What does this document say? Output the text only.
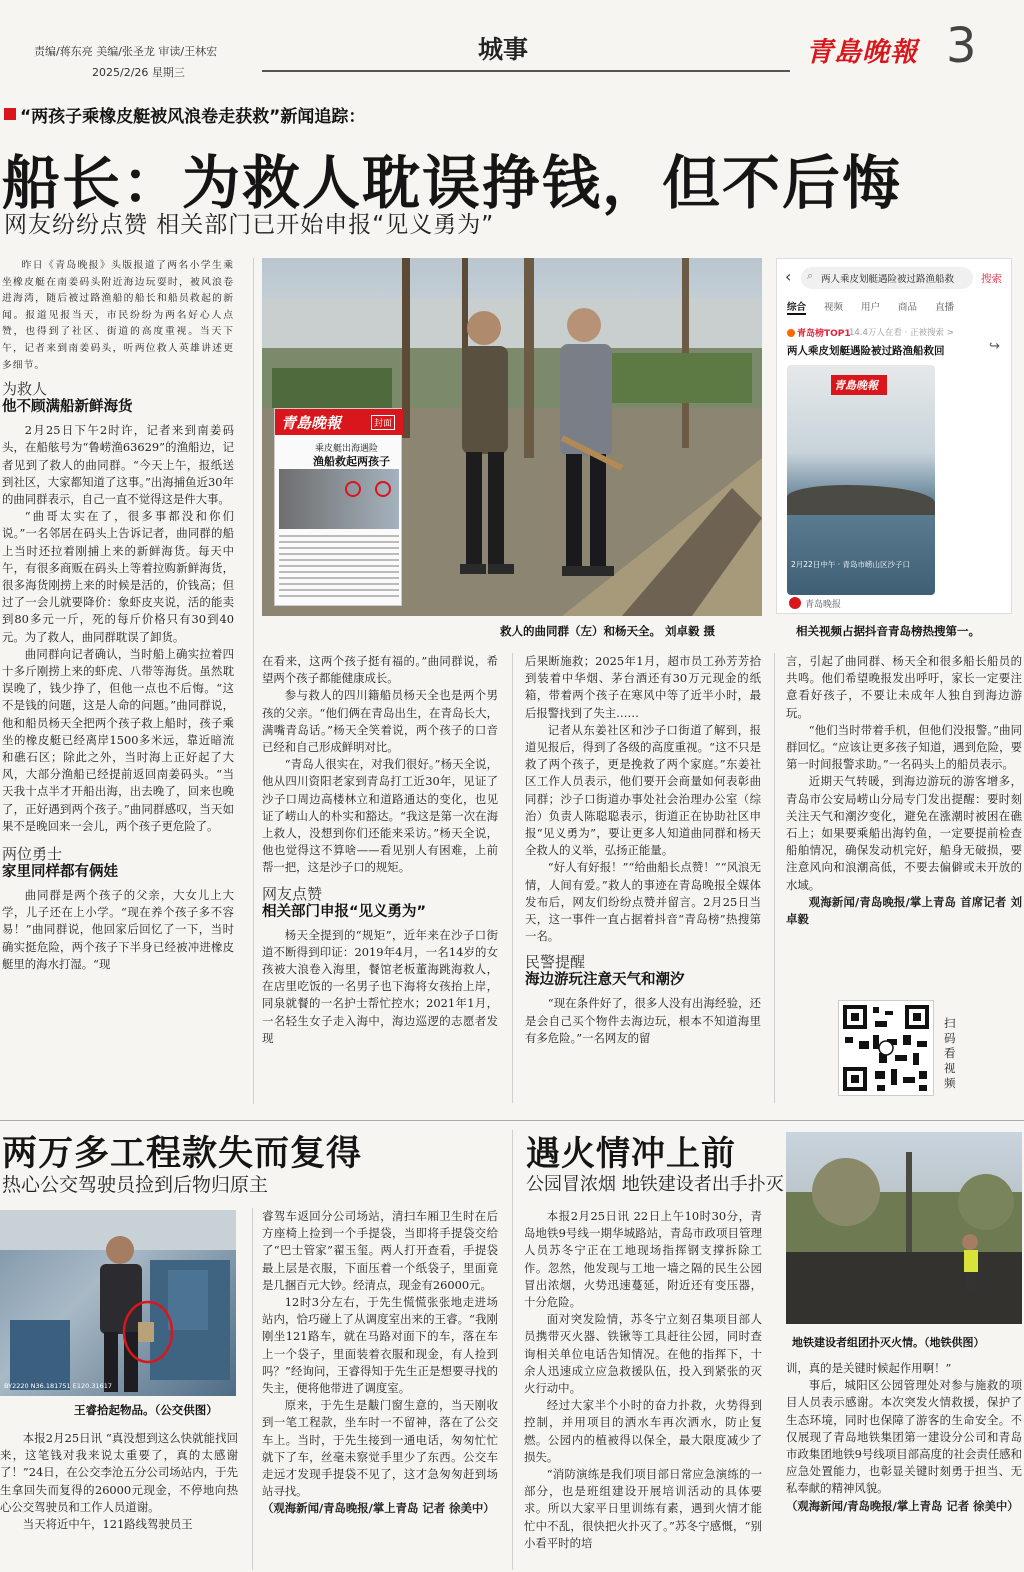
责编/蒋东亮 美编/张圣龙 审读/王林宏
2025/2/26 星期三
城事	青島晚報 3
“两孩子乘橡皮艇被风浪卷走获救”新闻追踪：
船长：为救人耽误挣钱，但不后悔
网友纷纷点赞 相关部门已开始申报“见义勇为”

昨日《青岛晚报》头版报道了两名小学生乘坐橡皮艇在南姜码头附近海边玩耍时，被风浪卷进海湾，随后被过路渔船的船长和船员救起的新闻。报道见报当天，市民纷纷为两名好心人点赞，也得到了社区、街道的高度重视。当天下午，记者来到南姜码头，听两位救人英雄讲述更多细节。

为救人
他不顾满船新鲜海货

2月25日下午2时许，记者来到南姜码头，在船舷号为“鲁崂渔63629”的渔船边，记者见到了救人的曲同群。“今天上午，报纸送到社区，大家都知道了这事。”出海捕鱼近30年的曲同群表示，自己一直不觉得这是件大事。

“曲哥太实在了，很多事都没和你们说。”一名邻居在码头上告诉记者，曲同群的船上当时还拉着刚捕上来的新鲜海货。每天中午，有很多商贩在码头上等着拉购新鲜海货，很多海货刚捞上来的时候是活的，价钱高；但过了一会儿就要降价：象虾皮夹说，活的能卖到80多元一斤，死的每斤价格只有30到40元。为了救人，曲同群耽误了卸货。

曲同群向记者确认，当时船上确实拉着四十多斤刚捞上来的虾虎、八带等海货。虽然耽误晚了，钱少挣了，但他一点也不后悔。“这不是钱的问题，这是人命的问题。”曲同群说，他和船员杨天全把两个孩子救上船时，孩子乘坐的橡皮艇已经离岸1500多米远，靠近暗流和礁石区；除此之外，当时海上正好起了大风，大部分渔船已经提前返回南姜码头。“当天我十点半才开船出海，出去晚了，回来也晚了，正好遇到两个孩子。”曲同群感叹，当天如果不是晚回来一会儿，两个孩子更危险了。

两位勇士
家里同样都有俩娃

曲同群是两个孩子的父亲，大女儿上大学，儿子还在上小学。“现在养个孩子多不容易！”曲同群说，他回家后回忆了一下，当时确实挺危险，两个孩子下半身已经被冲进橡皮艇里的海水打湿。“现

青島晚報	封面
乘皮艇出海遇险
渔船救起两孩子
救人的曲同群（左）和杨天全。 刘卓毅 摄
‹ ⌕ 两人乘皮划艇遇险被过路渔船救	搜索
综合 视频 用户 商品 直播
青岛榜TOP1
14.4万人在看 · 正被搜索 >
两人乘皮划艇遇险被过路渔船救回	↪
青島晚報
2月22日中午 · 青岛市崂山区沙子口
青岛晚报
相关视频占据抖音青岛榜热搜第一。

在看来，这两个孩子挺有福的。”曲同群说，希望两个孩子都能健康成长。

参与救人的四川籍船员杨天全也是两个男孩的父亲。“他们俩在青岛出生，在青岛长大，满嘴青岛话。”杨天全笑着说，两个孩子的口音已经和自己形成鲜明对比。

“青岛人很实在，对我们很好。”杨天全说，他从四川资阳老家到青岛打工近30年，见证了沙子口周边高楼林立和道路通达的变化，也见证了崂山人的朴实和豁达。“我这是第一次在海上救人，没想到你们还能来采访。”杨天全说，他也觉得这不算啥——看见别人有困难，上前帮一把，这是沙子口的规矩。

网友点赞
相关部门申报“见义勇为”

杨天全提到的“规矩”，近年来在沙子口街道不断得到印证：2019年4月，一名14岁的女孩被大浪卷入海里，餐馆老板董海跳海救人，在店里吃饭的一名男子也下海将女孩抬上岸，同泉就餐的一名护士帮忙控水；2021年1月，一名轻生女子走入海中，海边巡逻的志愿者发现

后果断施救；2025年1月，超市员工孙芳芳拾到装着中华烟、茅台酒还有30万元现金的纸箱，带着两个孩子在寒风中等了近半小时，最后报警找到了失主……

记者从东姜社区和沙子口街道了解到，报道见报后，得到了各级的高度重视。“这不只是救了两个孩子，更是挽救了两个家庭。”东姜社区工作人员表示，他们要开会商量如何表彰曲同群；沙子口街道办事处社会治理办公室（综治）负责人陈聪聪表示，街道正在协助社区申报“见义勇为”，要让更多人知道曲同群和杨天全救人的义举，弘扬正能量。

“好人有好报！”“给曲船长点赞！”“风浪无情，人间有爱。”救人的事迹在青岛晚报全媒体发布后，网友们纷纷点赞并留言。2月25日当天，这一事件一直占据着抖音“青岛榜”热搜第一名。

民警提醒
海边游玩注意天气和潮汐

“现在条件好了，很多人没有出海经验，还是会自己买个物件去海边玩，根本不知道海里有多危险。”一名网友的留

言，引起了曲同群、杨天全和很多船长船员的共鸣。他们希望晚报发出呼吁，家长一定要注意看好孩子，不要让未成年人独自到海边游玩。

“他们当时带着手机，但他们没报警。”曲同群回忆。“应该让更多孩子知道，遇到危险，要第一时间报警求助。”一名码头上的船员表示。

近期天气转暖，到海边游玩的游客增多，青岛市公安局崂山分局专门发出提醒：要时刻关注天气和潮汐变化，避免在涨潮时被困在礁石上；如果要乘船出海钓鱼，一定要提前检查船舶情况，确保发动机完好，船身无破损，要注意风向和浪潮高低，不要去偏僻或未开放的水域。

观海新闻/青岛晚报/掌上青岛 首席记者 刘卓毅

扫码看视频
两万多工程款失而复得
热心公交驾驶员捡到后物归原主
BY2220 N36.181751 E120.31617
王睿拾起物品。（公交供图）

本报2月25日讯 “真没想到这么快就能找回来，这笔钱对我来说太重要了，真的太感谢了！”24日，在公交李沧五分公司场站内，于先生拿回失而复得的26000元现金，不停地向热心公交驾驶员和工作人员道谢。

当天将近中午，121路线驾驶员王

睿驾车返回分公司场站，清扫车厢卫生时在后方座椅上捡到一个手提袋，当即将手提袋交给了“巴士管家”翟玉玺。两人打开查看，手提袋最上层是衣服，下面压着一个纸袋子，里面竟是几捆百元大钞。经清点，现金有26000元。

12时3分左右，于先生慌慌张张地走进场站内，恰巧碰上了从调度室出来的王睿。“我刚刚坐121路车，就在马路对面下的车，落在车上一个袋子，里面装着衣服和现金，有人捡到吗？”经询问，王睿得知于先生正是想要寻找的失主，便将他带进了调度室。

原来，于先生是黻门窗生意的，当天刚收到一笔工程款，坐车时一不留神，落在了公交车上。当时，于先生接到一通电话，匆匆忙忙就下了车，丝毫未察觉手里少了东西。公交车走远才发现手提袋不见了，这才急匆匆赶到场站寻找。

（观海新闻/青岛晚报/掌上青岛 记者 徐美中）

遇火情冲上前
公园冒浓烟 地铁建设者出手扑灭

本报2月25日讯 22日上午10时30分，青岛地铁9号线一期华城路站，青岛市政项目管理人员苏冬宁正在工地现场指挥钢支撑拆除工作。忽然，他发现与工地一墙之隔的民生公园冒出浓烟，火势迅速蔓延，附近还有变压器，十分危险。

面对突发险情，苏冬宁立刻召集项目部人员携带灭火器、铁锹等工具赶往公园，同时查询相关单位电话告知情况。在他的指挥下，十余人迅速成立应急救援队伍，投入到紧张的灭火行动中。

经过大家半个小时的奋力扑救，火势得到控制，并用项目的洒水车再次洒水，防止复燃。公园内的植被得以保全，最大限度减少了损失。

“消防演练是我们项目部日常应急演练的一部分，也是班组建设开展培训活动的具体要求。所以大家平日里训练有素，遇到火情才能忙中不乱，很快把火扑灭了。”苏冬宁感慨，“别小看平时的培

地铁建设者组团扑灭火情。（地铁供图）

训，真的是关键时候起作用啊！”

事后，城阳区公园管理处对参与施救的项目人员表示感谢。本次突发火情救援，保护了生态环境，同时也保障了游客的生命安全。不仅展现了青岛地铁集团第一建设分公司和青岛市政集团地铁9号线项目部高度的社会责任感和应急处置能力，也彰显关键时刻勇于担当、无私奉献的精神风貌。

（观海新闻/青岛晚报/掌上青岛 记者 徐美中）
